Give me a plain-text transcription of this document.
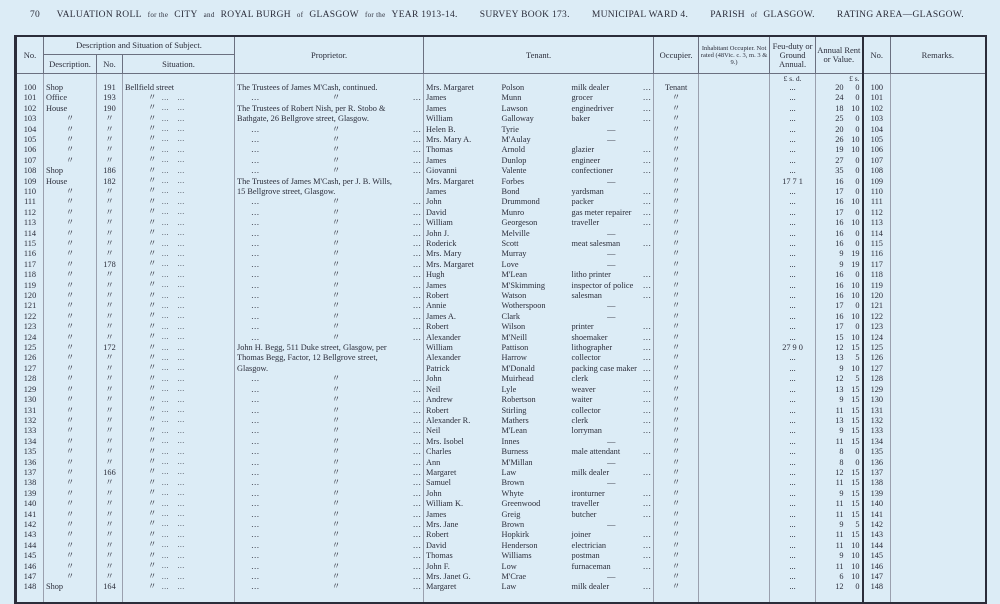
70 VALUATION ROLL for the CITY and ROYAL BURGH of GLASGOW for the YEAR 1913-14. SURVEY BOOK 173. MUNICIPAL WARD 4. PARISH of GLASGOW. RATING AREA—GLASGOW.
No.	Description and Situation of Subject.			Proprietor.	Tenant.			Occupier.	Inhabitant Occupier. Not rated (48Vic. c. 3, m. 3 & 9.)	Feu-duty or Ground Annual.	Annual Rent or Value.	No.	Remarks.
	Description.	No.	Situation.										
										£ s. d.	£ s.		
100	Shop	191	Bellfield street	The Trustees of James M'Cash, continued.	Mrs. Margaret	Polson	milk dealer …	Tenant		...	20 0	100	
101	Office	193	〃 … …	… 〃 …	James	Munn	grocer …	〃		...	24 0	101	
102	House	190	〃 … …	The Trustees of Robert Nish, per R. Stobo &	James	Lawson	enginedriver …	〃		...	18 10	102	
103	〃	〃	〃 … …	Bathgate, 26 Bellgrove street, Glasgow.	William	Galloway	baker …	〃		...	25 0	103	
104	〃	〃	〃 … …	… 〃 …	Helen B.	Tyrie	—	〃		...	20 0	104	
105	〃	〃	〃 … …	… 〃 …	Mrs. Mary A.	M'Aulay	—	〃		...	26 10	105	
106	〃	〃	〃 … …	… 〃 …	Thomas	Arnold	glazier …	〃		...	19 10	106	
107	〃	〃	〃 … …	… 〃 …	James	Dunlop	engineer …	〃		...	27 0	107	
108	Shop	186	〃 … …	… 〃 …	Giovanni	Valente	confectioner …	〃		...	35 0	108	
109	House	182	〃 … …	The Trustees of James M'Cash, per J. B. Wills,	Mrs. Margaret	Forbes	—	〃		17 7 1	16 0	109	
110	〃	〃	〃 … …	15 Bellgrove street, Glasgow.	James	Bond	yardsman …	〃		...	17 0	110	
111	〃	〃	〃 … …	… 〃 …	John	Drummond	packer …	〃		...	16 10	111	
112	〃	〃	〃 … …	… 〃 …	David	Munro	gas meter repairer …	〃		...	17 0	112	
113	〃	〃	〃 … …	… 〃 …	William	Georgeson	traveller …	〃		...	16 10	113	
114	〃	〃	〃 … …	… 〃 …	John J.	Melville	—	〃		...	16 0	114	
115	〃	〃	〃 … …	… 〃 …	Roderick	Scott	meat salesman …	〃		...	16 0	115	
116	〃	〃	〃 … …	… 〃 …	Mrs. Mary	Murray	—	〃		...	9 19	116	
117	〃	178	〃 … …	… 〃 …	Mrs. Margaret	Love	—	〃		...	9 19	117	
118	〃	〃	〃 … …	… 〃 …	Hugh	M'Lean	litho printer …	〃		...	16 0	118	
119	〃	〃	〃 … …	… 〃 …	James	M'Skimming	inspector of police …	〃		...	16 10	119	
120	〃	〃	〃 … …	… 〃 …	Robert	Watson	salesman …	〃		...	16 10	120	
121	〃	〃	〃 … …	… 〃 …	Annie	Wotherspoon	—	〃		...	17 0	121	
122	〃	〃	〃 … …	… 〃 …	James A.	Clark	—	〃		...	16 10	122	
123	〃	〃	〃 … …	… 〃 …	Robert	Wilson	printer …	〃		...	17 0	123	
124	〃	〃	〃 … …	… 〃 …	Alexander	M'Neill	shoemaker …	〃		...	15 10	124	
125	〃	172	〃 … …	John H. Begg, 511 Duke street, Glasgow, per	William	Pattison	lithographer …	〃		27 9 0	12 15	125	
126	〃	〃	〃 … …	Thomas Begg, Factor, 12 Bellgrove street,	Alexander	Harrow	collector …	〃		...	13 5	126	
127	〃	〃	〃 … …	Glasgow.	Patrick	M'Donald	packing case maker …	〃		...	9 10	127	
128	〃	〃	〃 … …	… 〃 …	John	Muirhead	clerk …	〃		...	12 5	128	
129	〃	〃	〃 … …	… 〃 …	Neil	Lyle	weaver …	〃		...	13 15	129	
130	〃	〃	〃 … …	… 〃 …	Andrew	Robertson	waiter …	〃		...	9 15	130	
131	〃	〃	〃 … …	… 〃 …	Robert	Stirling	collector …	〃		...	11 15	131	
132	〃	〃	〃 … …	… 〃 …	Alexander R.	Mathers	clerk …	〃		...	13 15	132	
133	〃	〃	〃 … …	… 〃 …	Neil	M'Lean	lorryman …	〃		...	9 15	133	
134	〃	〃	〃 … …	… 〃 …	Mrs. Isobel	Innes	—	〃		...	11 15	134	
135	〃	〃	〃 … …	… 〃 …	Charles	Burness	male attendant …	〃		...	8 0	135	
136	〃	〃	〃 … …	… 〃 …	Ann	M'Millan	—	〃		...	8 0	136	
137	〃	166	〃 … …	… 〃 …	Margaret	Law	milk dealer …	〃		...	12 15	137	
138	〃	〃	〃 … …	… 〃 …	Samuel	Brown	—	〃		...	11 15	138	
139	〃	〃	〃 … …	… 〃 …	John	Whyte	ironturner …	〃		...	9 15	139	
140	〃	〃	〃 … …	… 〃 …	William K.	Greenwood	traveller …	〃		...	11 15	140	
141	〃	〃	〃 … …	… 〃 …	James	Greig	butcher …	〃		...	11 15	141	
142	〃	〃	〃 … …	… 〃 …	Mrs. Jane	Brown	—	〃		...	9 5	142	
143	〃	〃	〃 … …	… 〃 …	Robert	Hopkirk	joiner …	〃		...	11 15	143	
144	〃	〃	〃 … …	… 〃 …	David	Henderson	electrician …	〃		...	11 10	144	
145	〃	〃	〃 … …	… 〃 …	Thomas	Williams	postman …	〃		...	9 10	145	
146	〃	〃	〃 … …	… 〃 …	John F.	Low	furnaceman …	〃		...	11 10	146	
147	〃	〃	〃 … …	… 〃 …	Mrs. Janet G.	M'Crae	—	〃		...	6 10	147	
148	Shop	164	〃 … …	… 〃 …	Margaret	Law	milk dealer …	〃		...	12 0	148	
